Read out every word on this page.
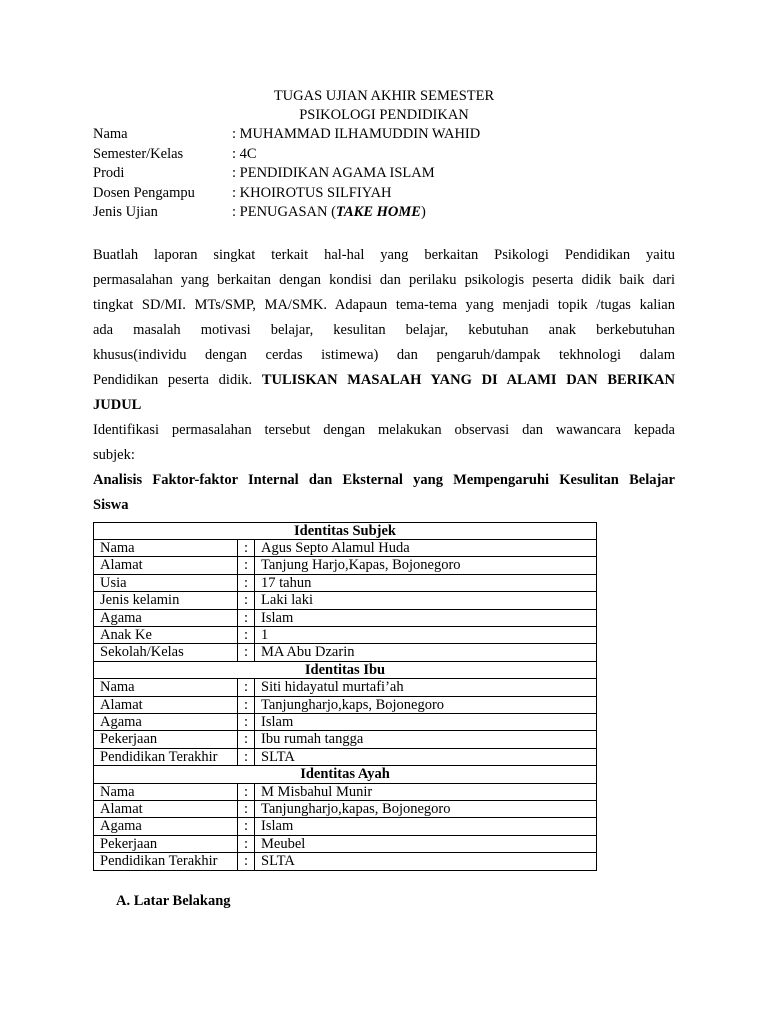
TUGAS UJIAN AKHIR SEMESTER
PSIKOLOGI PENDIDIKAN
Nama	: MUHAMMAD ILHAMUDDIN WAHID
Semester/Kelas	: 4C
Prodi	: PENDIDIKAN AGAMA ISLAM
Dosen Pengampu	: KHOIROTUS SILFIYAH
Jenis Ujian	: PENUGASAN (TAKE HOME)

Buatlah laporan singkat terkait hal-hal yang berkaitan Psikologi Pendidikan yaitu

permasalahan yang berkaitan dengan kondisi dan perilaku psikologis peserta didik baik dari

tingkat SD/MI. MTs/SMP, MA/SMK. Adapaun tema-tema yang menjadi topik /tugas kalian

ada masalah motivasi belajar, kesulitan belajar, kebutuhan anak berkebutuhan

khusus(individu dengan cerdas istimewa) dan pengaruh/dampak tekhnologi dalam

Pendidikan peserta didik. TULISKAN MASALAH YANG DI ALAMI DAN BERIKAN

JUDUL

Identifikasi permasalahan tersebut dengan melakukan observasi dan wawancara kepada

subjek:

Analisis Faktor-faktor Internal dan Eksternal yang Mempengaruhi Kesulitan Belajar

Siswa

Identitas Subjek		
Nama	:	Agus Septo Alamul Huda
Alamat	:	Tanjung Harjo,Kapas, Bojonegoro
Usia	:	17 tahun
Jenis kelamin	:	Laki laki
Agama	:	Islam
Anak Ke	:	1
Sekolah/Kelas	:	MA Abu Dzarin
Identitas Ibu		
Nama	:	Siti hidayatul murtafi’ah
Alamat	:	Tanjungharjo,kaps, Bojonegoro
Agama	:	Islam
Pekerjaan	:	Ibu rumah tangga
Pendidikan Terakhir	:	SLTA
Identitas Ayah		
Nama	:	M Misbahul Munir
Alamat	:	Tanjungharjo,kapas, Bojonegoro
Agama	:	Islam
Pekerjaan	:	Meubel
Pendidikan Terakhir	:	SLTA
A. Latar Belakang
